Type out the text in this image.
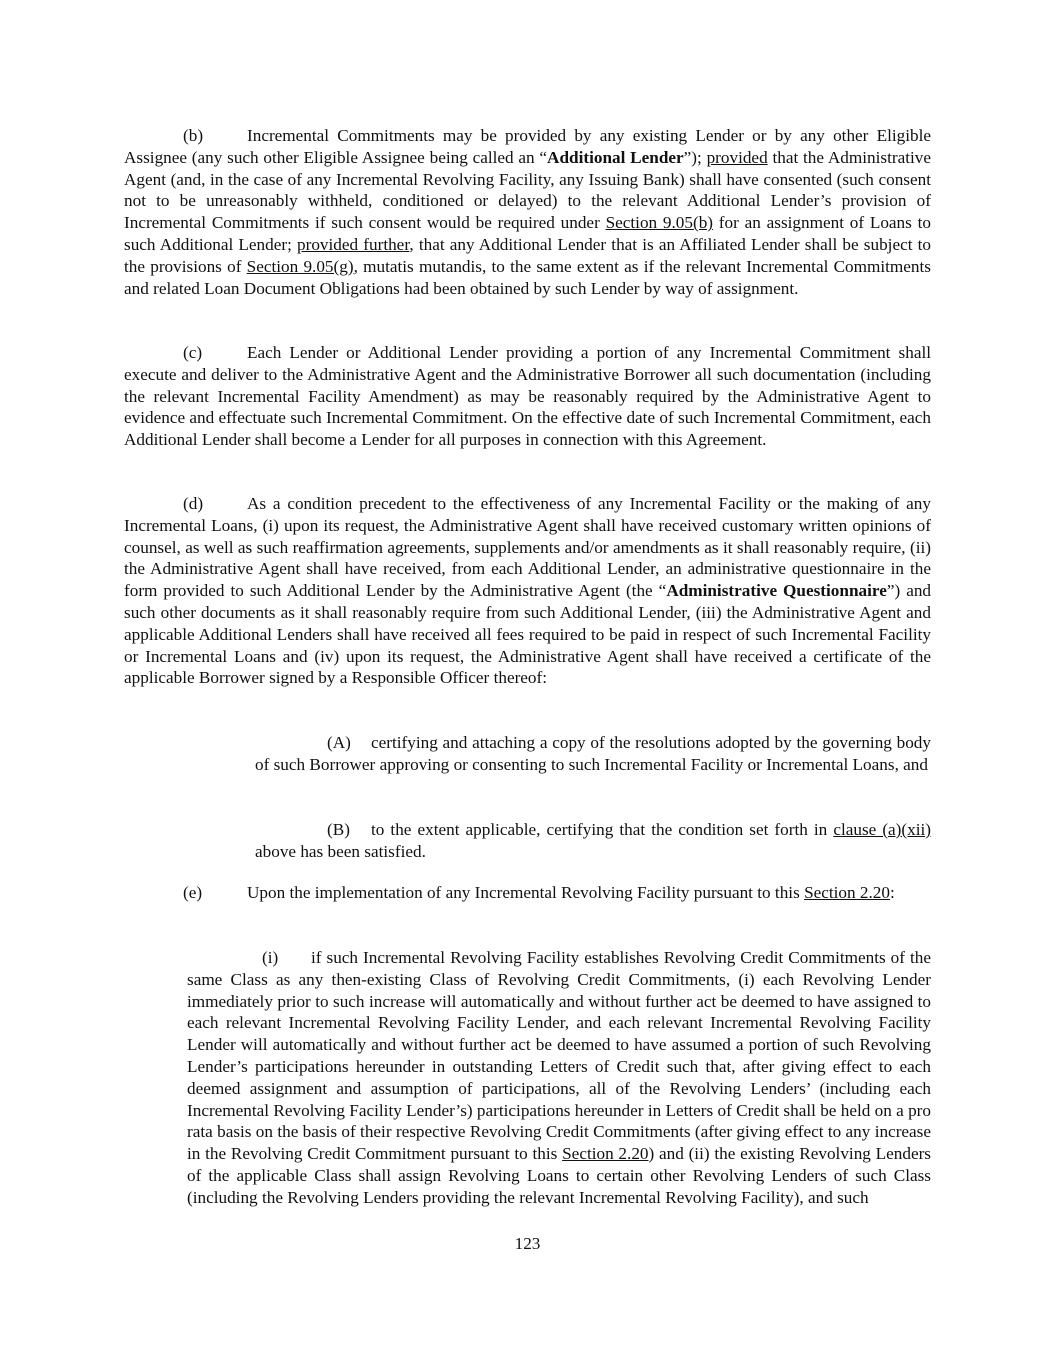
(b)	Incremental Commitments may be provided by any existing Lender or by any other Eligible Assignee (any such other Eligible Assignee being called an “Additional Lender”); provided that the Administrative Agent (and, in the case of any Incremental Revolving Facility, any Issuing Bank) shall have consented (such consent not to be unreasonably withheld, conditioned or delayed) to the relevant Additional Lender’s provision of Incremental Commitments if such consent would be required under Section 9.05(b) for an assignment of Loans to such Additional Lender; provided further, that any Additional Lender that is an Affiliated Lender shall be subject to the provisions of Section 9.05(g), mutatis mutandis, to the same extent as if the relevant Incremental Commitments and related Loan Document Obligations had been obtained by such Lender by way of assignment.

(c)	Each Lender or Additional Lender providing a portion of any Incremental Commitment shall execute and deliver to the Administrative Agent and the Administrative Borrower all such documentation (including the relevant Incremental Facility Amendment) as may be reasonably required by the Administrative Agent to evidence and effectuate such Incremental Commitment. On the effective date of such Incremental Commitment, each Additional Lender shall become a Lender for all purposes in connection with this Agreement.

(d)	As a condition precedent to the effectiveness of any Incremental Facility or the making of any Incremental Loans, (i) upon its request, the Administrative Agent shall have received customary written opinions of counsel, as well as such reaffirmation agreements, supplements and/or amendments as it shall reasonably require, (ii) the Administrative Agent shall have received, from each Additional Lender, an administrative questionnaire in the form provided to such Additional Lender by the Administrative Agent (the “Administrative Questionnaire”) and such other documents as it shall reasonably require from such Additional Lender, (iii) the Administrative Agent and applicable Additional Lenders shall have received all fees required to be paid in respect of such Incremental Facility or Incremental Loans and (iv) upon its request, the Administrative Agent shall have received a certificate of the applicable Borrower signed by a Responsible Officer thereof:

(A) certifying and attaching a copy of the resolutions adopted by the governing body of such Borrower approving or consenting to such Incremental Facility or Incremental Loans, and

(B) to the extent applicable, certifying that the condition set forth in clause (a)(xii) above has been satisfied.

(e)	Upon the implementation of any Incremental Revolving Facility pursuant to this Section 2.20:

(i) if such Incremental Revolving Facility establishes Revolving Credit Commitments of the same Class as any then-existing Class of Revolving Credit Commitments, (i) each Revolving Lender immediately prior to such increase will automatically and without further act be deemed to have assigned to each relevant Incremental Revolving Facility Lender, and each relevant Incremental Revolving Facility Lender will automatically and without further act be deemed to have assumed a portion of such Revolving Lender’s participations hereunder in outstanding Letters of Credit such that, after giving effect to each deemed assignment and assumption of participations, all of the Revolving Lenders’ (including each Incremental Revolving Facility Lender’s) participations hereunder in Letters of Credit shall be held on a pro rata basis on the basis of their respective Revolving Credit Commitments (after giving effect to any increase in the Revolving Credit Commitment pursuant to this Section 2.20) and (ii) the existing Revolving Lenders of the applicable Class shall assign Revolving Loans to certain other Revolving Lenders of such Class (including the Revolving Lenders providing the relevant Incremental Revolving Facility), and such

123
